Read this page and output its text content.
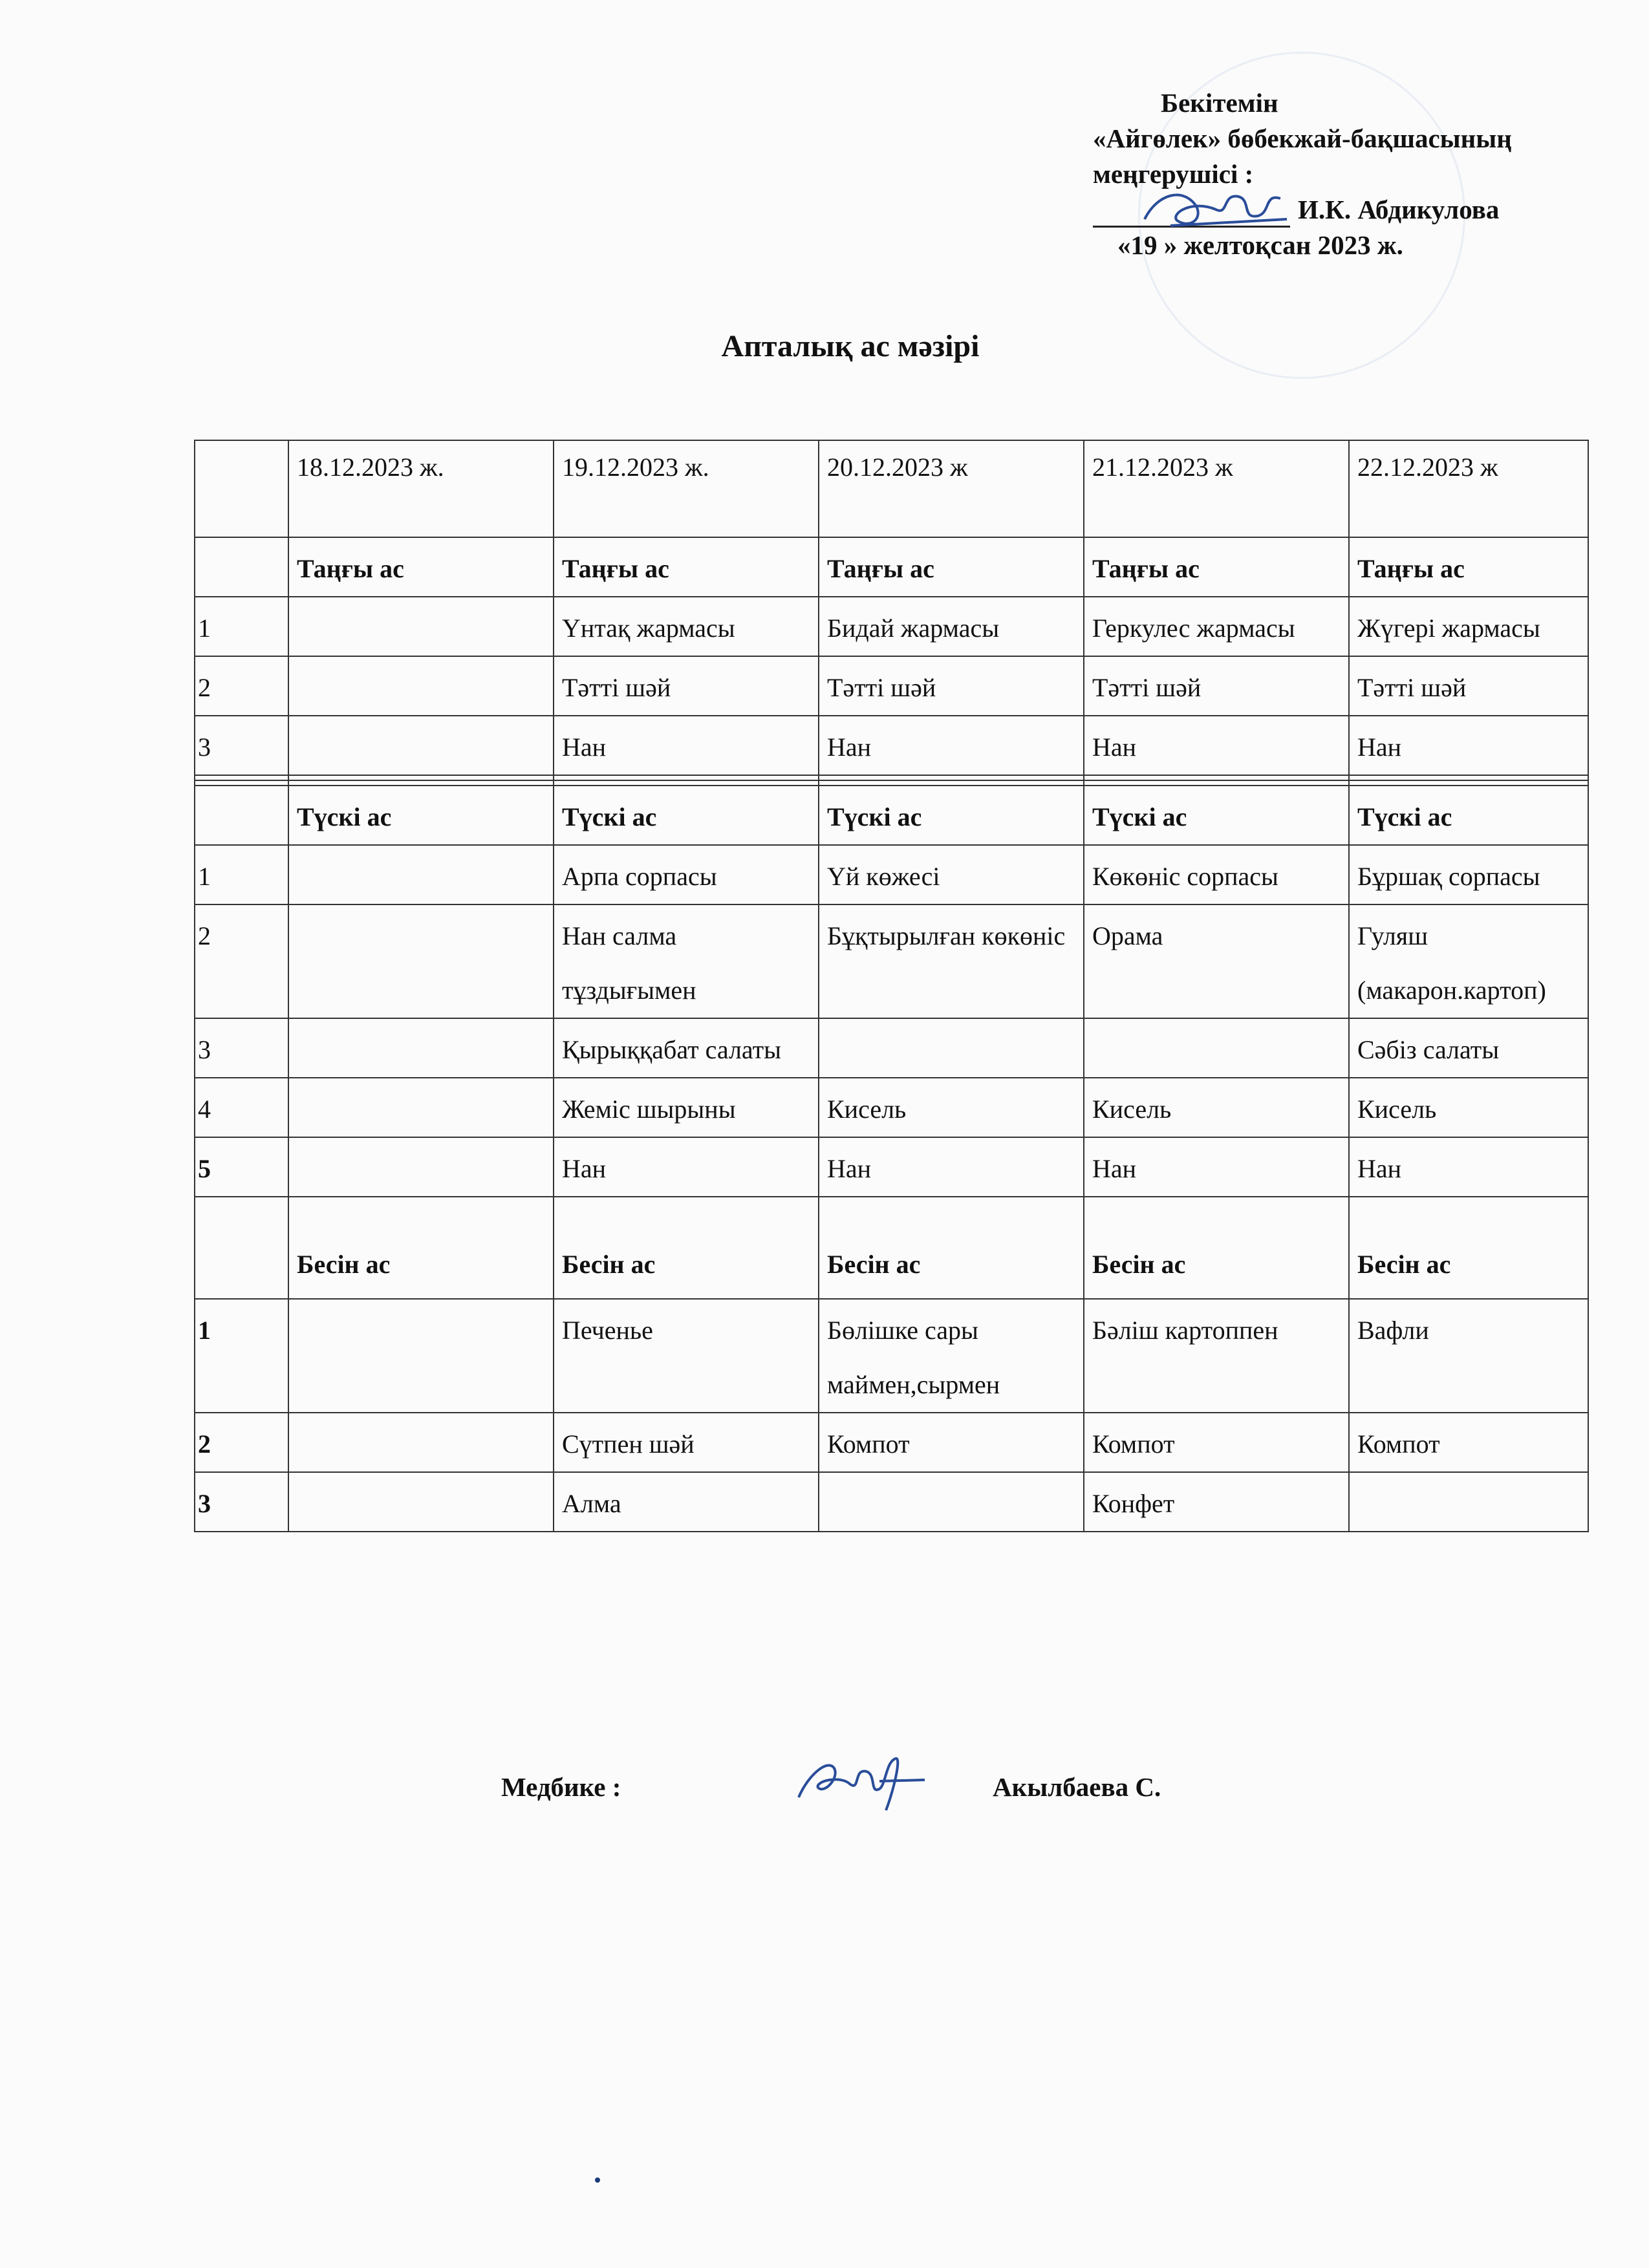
Бекітемін
«Айгөлек» бөбекжай-бақшасының
меңгерушісі :
И.К. Абдикулова
«19 » желтоқсан 2023 ж.
Апталық ас мәзірі
	18.12.2023 ж.	19.12.2023 ж.	20.12.2023 ж	21.12.2023 ж	22.12.2023 ж
	Таңғы ас	Таңғы ас	Таңғы ас	Таңғы ас	Таңғы ас
1		Үнтақ жармасы	Бидай жармасы	Геркулес жармасы	Жүгері жармасы
2		Тәтті шәй	Тәтті шәй	Тәтті шәй	Тәтті шәй
3		Нан	Нан	Нан	Нан

	Түскі ас	Түскі ас	Түскі ас	Түскі ас	Түскі ас
1		Арпа сорпасы	Үй көжесі	Көкөніс сорпасы	Бұршақ сорпасы
2		Нан салма тұздығымен	Бұқтырылған көкөніс	Орама	Гуляш (макарон.картоп)
3		Қырыққабат салаты			Сәбіз салаты
4		Жеміс шырыны	Кисель	Кисель	Кисель
5		Нан	Нан	Нан	Нан
	Бесін ас	Бесін ас	Бесін ас	Бесін ас	Бесін ас
1		Печенье	Бөлішке сары маймен,сырмен	Бәліш картоппен	Вафли
2		Сүтпен шәй	Компот	Компот	Компот
3		Алма		Конфет	
Медбике :	Акылбаева С.
